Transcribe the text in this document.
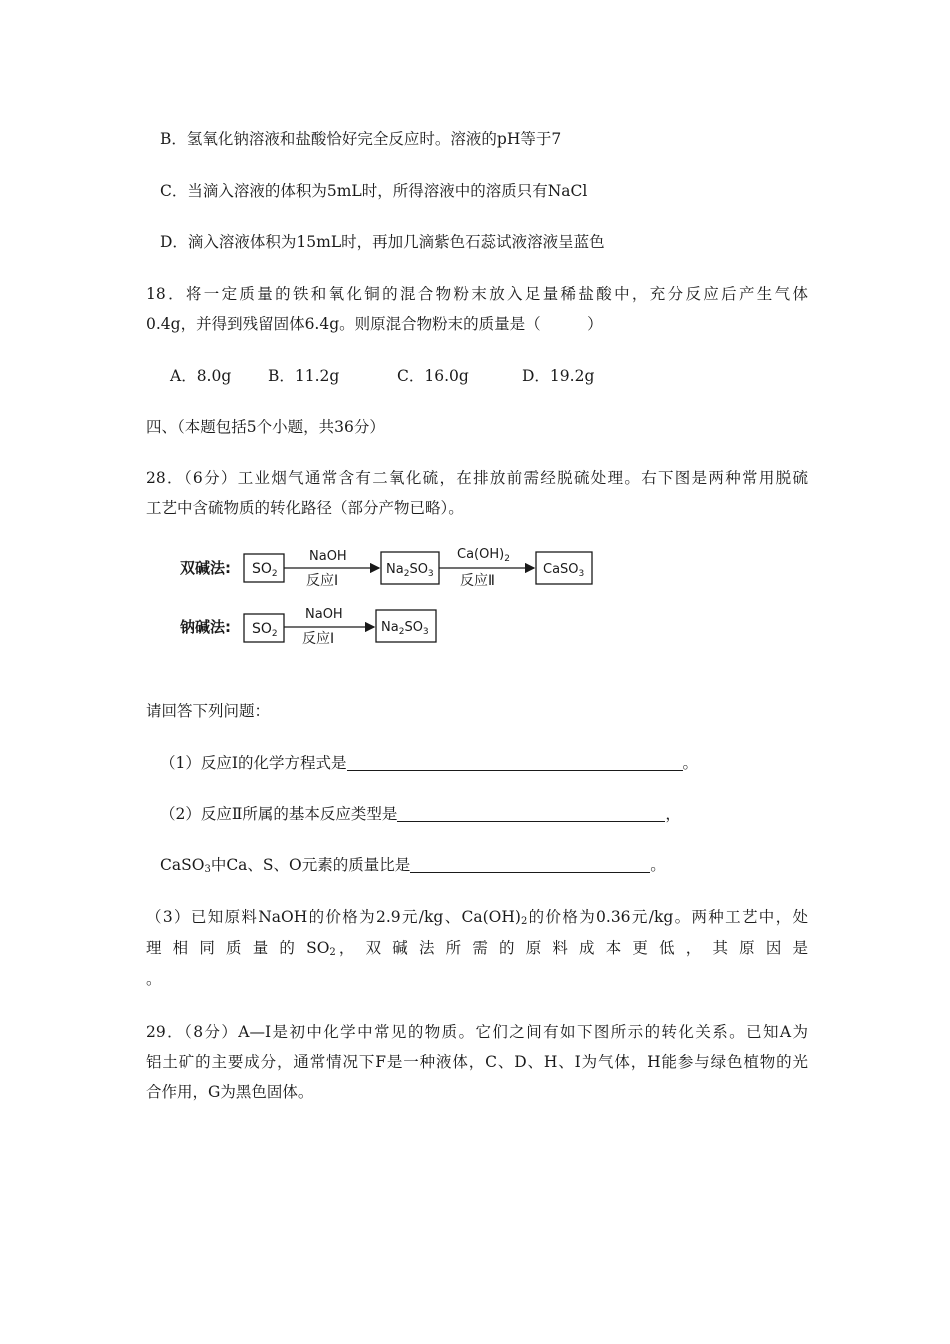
B．氢氧化钠溶液和盐酸恰好完全反应时。溶液的pH等于7
C．当滴入溶液的体积为5mL时，所得溶液中的溶质只有NaCl
D．滴入溶液体积为15mL时，再加几滴紫色石蕊试液溶液呈蓝色
18．将一定质量的铁和氧化铜的混合物粉末放入足量稀盐酸中，充分反应后产生气体
0.4g，并得到残留固体6.4g。则原混合物粉末的质量是（　　　）
A．8.0g B．11.2g	C．16.0g	D．19.2g
四、（本题包括5个小题，共36分）
28．（6分）工业烟气通常含有二氧化硫，在排放前需经脱硫处理。右下图是两种常用脱硫
工艺中含硫物质的转化路径（部分产物已略）。
双碱法: $SO_2$
NaOH
反应Ⅰ
$Na_2SO_3$
$Ca(OH)_2$
反应Ⅱ
CaSO$_3$
钠碱法: $SO_2$
NaOH
反应Ⅰ
$Na_2SO_3$
请回答下列问题：
（1）反应Ⅰ的化学方程式是	。
（2）反应Ⅱ所属的基本反应类型是	，
CaSO$_3$中Ca、S、O元素的质量比是	。
（3）已知原料NaOH的价格为2.9元/kg、$Ca(OH)_2$的价格为0.36元/kg。两种工艺中，处
理 相 同 质 量 的 $SO_2$， 双 碱 法 所 需 的 原 料 成 本 更 低 ， 其 原 因 是
。
29．（8分）A—I是初中化学中常见的物质。它们之间有如下图所示的转化关系。已知A为
铝土矿的主要成分，通常情况下F是一种液体，C、D、H、I为气体，H能参与绿色植物的光
合作用，G为黑色固体。
